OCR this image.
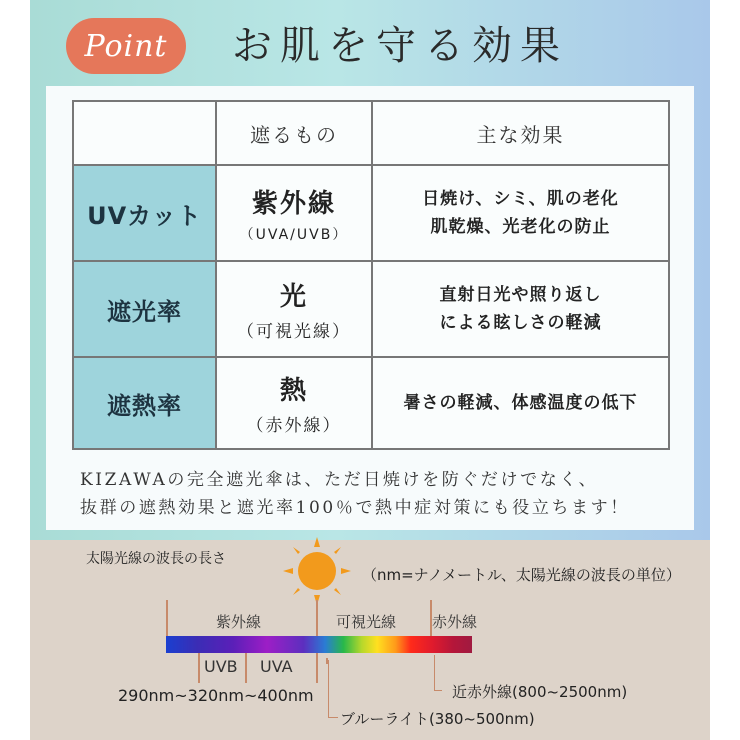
Point	お肌を守る効果
	遮るもの	主な効果
UVカット	紫外線
（UVA/UVB）	日焼け、シミ、肌の老化
肌乾燥、光老化の防止

遮光率	光
（可視光線）	直射日光や照り返し
による眩しさの軽減

遮熱率	熱
（赤外線）	暑さの軽減、体感温度の低下
KIZAWAの完全遮光傘は、ただ日焼けを防ぐだけでなく、
抜群の遮熱効果と遮光率100％で熱中症対策にも役立ちます！
太陽光線の波長の長さ
（nm=ナノメートル、太陽光線の波長の単位）
紫外線	可視光線 赤外線
UVB UVA
290nm~320nm~400nm	近赤外線(800~2500nm)
ブルーライト(380~500nm)
